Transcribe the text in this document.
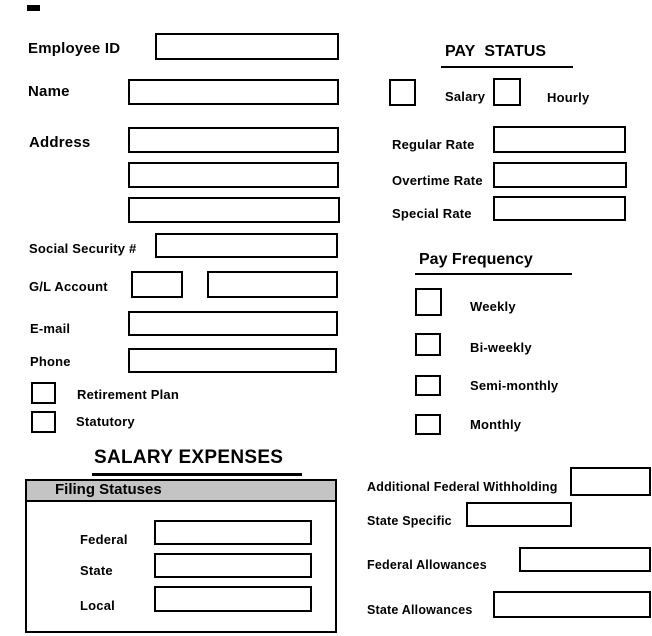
Employee ID
Name
Address
Social Security #
G/L Account
E-mail
Phone
Retirement Plan
Statutory
SALARY EXPENSES
Filing Statuses
Federal
State
Local
PAY STATUS
Salary	Hourly
Regular Rate
Overtime Rate
Special Rate
Pay Frequency
Weekly
Bi-weekly
Semi-monthly
Monthly
Additional Federal Withholding
State Specific
Federal Allowances
State Allowances
